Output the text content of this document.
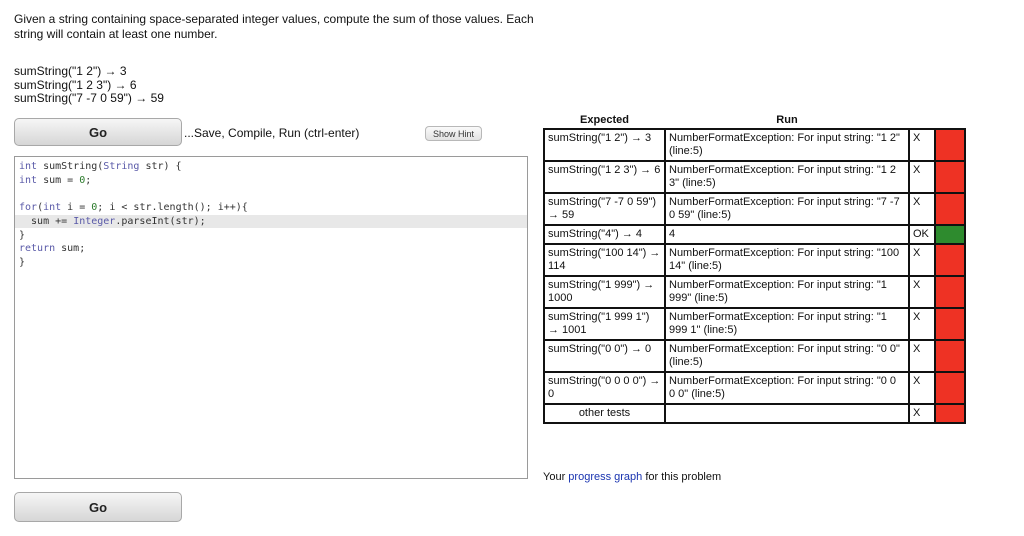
Given a string containing space-separated integer values, compute the sum of those values. Each string will contain at least one number.
sumString("1 2") → 3
sumString("1 2 3") → 6
sumString("7 -7 0 59") → 59
Go	...Save, Compile, Run (ctrl-enter)	Show Hint
int sumString(String str) {
int sum = 0;
for(int i = 0; i < str.length(); i++){
sum += Integer.parseInt(str);
}
return sum;
}
Go
Expected	Run		
sumString("1 2") → 3	NumberFormatException: For input string: "1 2" (line:5)	X	
sumString("1 2 3") → 6	NumberFormatException: For input string: "1 2 3" (line:5)	X	
sumString("7 -7 0 59") → 59	NumberFormatException: For input string: "7 -7 0 59" (line:5)	X	
sumString("4") → 4	4	OK	
sumString("100 14") → 114	NumberFormatException: For input string: "100 14" (line:5)	X	
sumString("1 999") → 1000	NumberFormatException: For input string: "1 999" (line:5)	X	
sumString("1 999 1") → 1001	NumberFormatException: For input string: "1 999 1" (line:5)	X	
sumString("0 0") → 0	NumberFormatException: For input string: "0 0" (line:5)	X	
sumString("0 0 0 0") → 0	NumberFormatException: For input string: "0 0 0 0" (line:5)	X	
other tests		X	
Your progress graph for this problem
